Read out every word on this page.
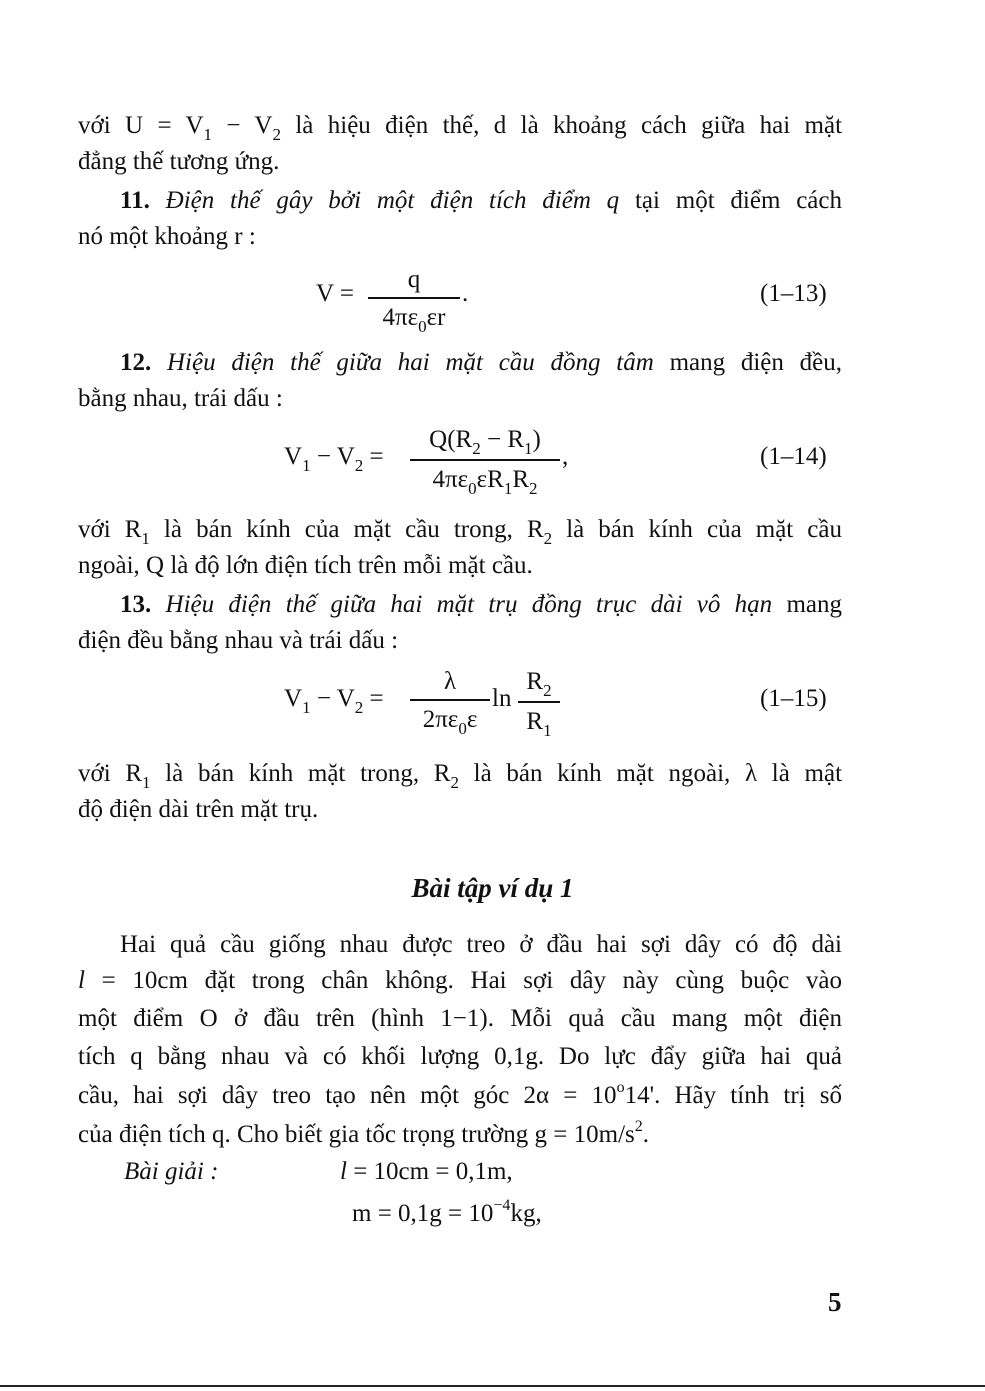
với $U = V_1 - V_2$ là hiệu điện thế, d là khoảng cách giữa hai mặt
đẳng thế tương ứng.
11. Điện thế gây bởi một điện tích điểm q tại một điểm cách
nó một khoảng r :
V =
q
$4\pi\varepsilon_0\varepsilon r$
.	(1–13)
12. Hiệu điện thế giữa hai mặt cầu đồng tâm mang điện đều,
bằng nhau, trái dấu :
$V_1 - V_2$ =
$Q(R_2 - R_1)$
$4\pi\varepsilon_0\varepsilon R_1R_2$
,	(1–14)
với $R_1$ là bán kính của mặt cầu trong, $R_2$ là bán kính của mặt cầu
ngoài, Q là độ lớn điện tích trên mỗi mặt cầu.
13. Hiệu điện thế giữa hai mặt trụ đồng trục dài vô hạn mang
điện đều bằng nhau và trái dấu :
$V_1 - V_2$ =
λ
$2\pi\varepsilon_0\varepsilon$
ln
$R_2$
$R_1$
(1–15)
với $R_1$ là bán kính mặt trong, $R_2$ là bán kính mặt ngoài, λ là mật
độ điện dài trên mặt trụ.
Bài tập ví dụ 1
Hai quả cầu giống nhau được treo ở đầu hai sợi dây có độ dài
l = 10cm đặt trong chân không. Hai sợi dây này cùng buộc vào
một điểm O ở đầu trên (hình 1−1). Mỗi quả cầu mang một điện
tích q bằng nhau và có khối lượng 0,1g. Do lực đẩy giữa hai quả
cầu, hai sợi dây treo tạo nên một góc $2\alpha = 10^o14'$. Hãy tính trị số
của điện tích q. Cho biết gia tốc trọng trường $g = 10m/s^2$.
Bài giải :	l = 10cm = 0,1m,
$m = 0,1g = 10^{-4}kg$,
5
